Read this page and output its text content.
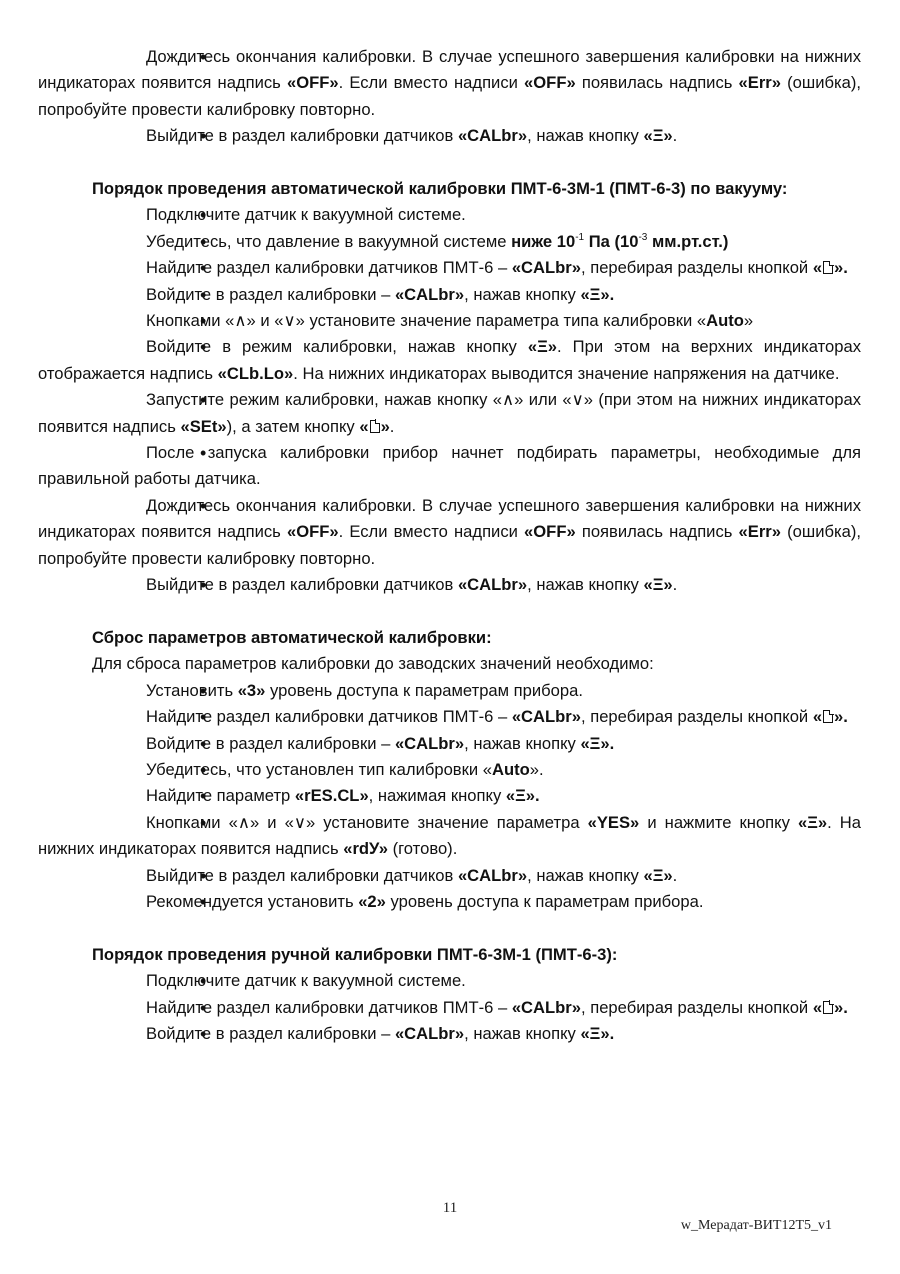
• Дождитесь окончания калибровки. В случае успешного завершения калибровки на нижних индикаторах появится надпись «OFF». Если вместо надписи «OFF» появилась надпись «Err» (ошибка), попробуйте провести калибровку повторно.

• Выйдите в раздел калибровки датчиков «CALbr», нажав кнопку «Ξ».

Порядок проведения автоматической калибровки ПМТ-6-3М-1 (ПМТ-6-3) по вакууму:

• Подключите датчик к вакуумной системе.

• Убедитесь, что давление в вакуумной системе ниже $10^{-1}$ Па ($10^{-3}$ мм.рт.ст.)

• Найдите раздел калибровки датчиков ПМТ-6 – «CALbr», перебирая разделы кнопкой « ».

• Войдите в раздел калибровки – «CALbr», нажав кнопку «Ξ».

• Кнопками «∧» и «∨» установите значение параметра типа калибровки «Auto»

• Войдите в режим калибровки, нажав кнопку «Ξ». При этом на верхних индикаторах отображается надпись «CLb.Lo». На нижних индикаторах выводится значение напряжения на датчике.

• Запустите режим калибровки, нажав кнопку «∧» или «∨» (при этом на нижних индикаторах появится надпись «SEt»), а затем кнопку « ».

• После запуска калибровки прибор начнет подбирать параметры, необходимые для правильной работы датчика.

• Дождитесь окончания калибровки. В случае успешного завершения калибровки на нижних индикаторах появится надпись «OFF». Если вместо надписи «OFF» появилась надпись «Err» (ошибка), попробуйте провести калибровку повторно.

• Выйдите в раздел калибровки датчиков «CALbr», нажав кнопку «Ξ».

Сброс параметров автоматической калибровки:

Для сброса параметров калибровки до заводских значений необходимо:

• Установить «3» уровень доступа к параметрам прибора.

• Найдите раздел калибровки датчиков ПМТ-6 – «CALbr», перебирая разделы кнопкой « ».

• Войдите в раздел калибровки – «CALbr», нажав кнопку «Ξ».

• Убедитесь, что установлен тип калибровки «Auto».

• Найдите параметр «rES.CL», нажимая кнопку «Ξ».

• Кнопками «∧» и «∨» установите значение параметра «YES» и нажмите кнопку «Ξ». На нижних индикаторах появится надпись «rdУ» (готово).

• Выйдите в раздел калибровки датчиков «CALbr», нажав кнопку «Ξ».

• Рекомендуется установить «2» уровень доступа к параметрам прибора.

Порядок проведения ручной калибровки ПМТ-6-3М-1 (ПМТ-6-3):

• Подключите датчик к вакуумной системе.

• Найдите раздел калибровки датчиков ПМТ-6 – «CALbr», перебирая разделы кнопкой « ».

• Войдите в раздел калибровки – «CALbr», нажав кнопку «Ξ».

11
w_Мерадат-ВИТ12Т5_v1
